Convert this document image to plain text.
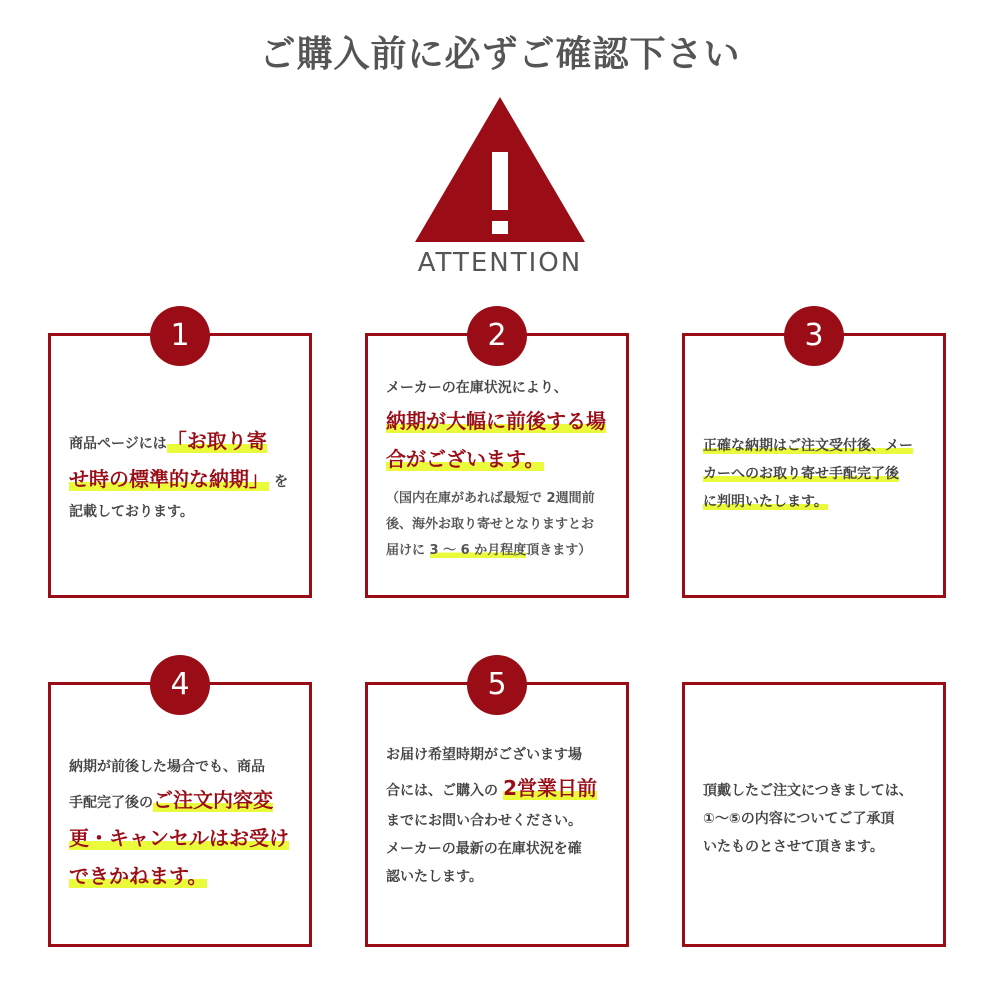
ご購入前に必ずご確認下さい
ATTENTION
1
商品ページには「お取り寄
せ時の標準的な納期」 を
記載しております。
2
メーカーの在庫状況により、
納期が大幅に前後する場
合がございます。
（国内在庫があれば最短で 2週間前
後、海外お取り寄せとなりますとお
届けに 3 ～ 6 か月程度頂きます）
3
正確な納期はご注文受付後、メー
カーへのお取り寄せ手配完了後
に判明いたします。
4
納期が前後した場合でも、商品
手配完了後のご注文内容変
更・キャンセルはお受け
できかねます。
5
お届け希望時期がございます場
合には、ご購入の 2営業日前
までにお問い合わせください。
メーカーの最新の在庫状況を確
認いたします。
頂戴したご注文につきましては、
①～⑤の内容についてご了承頂
いたものとさせて頂きます。
